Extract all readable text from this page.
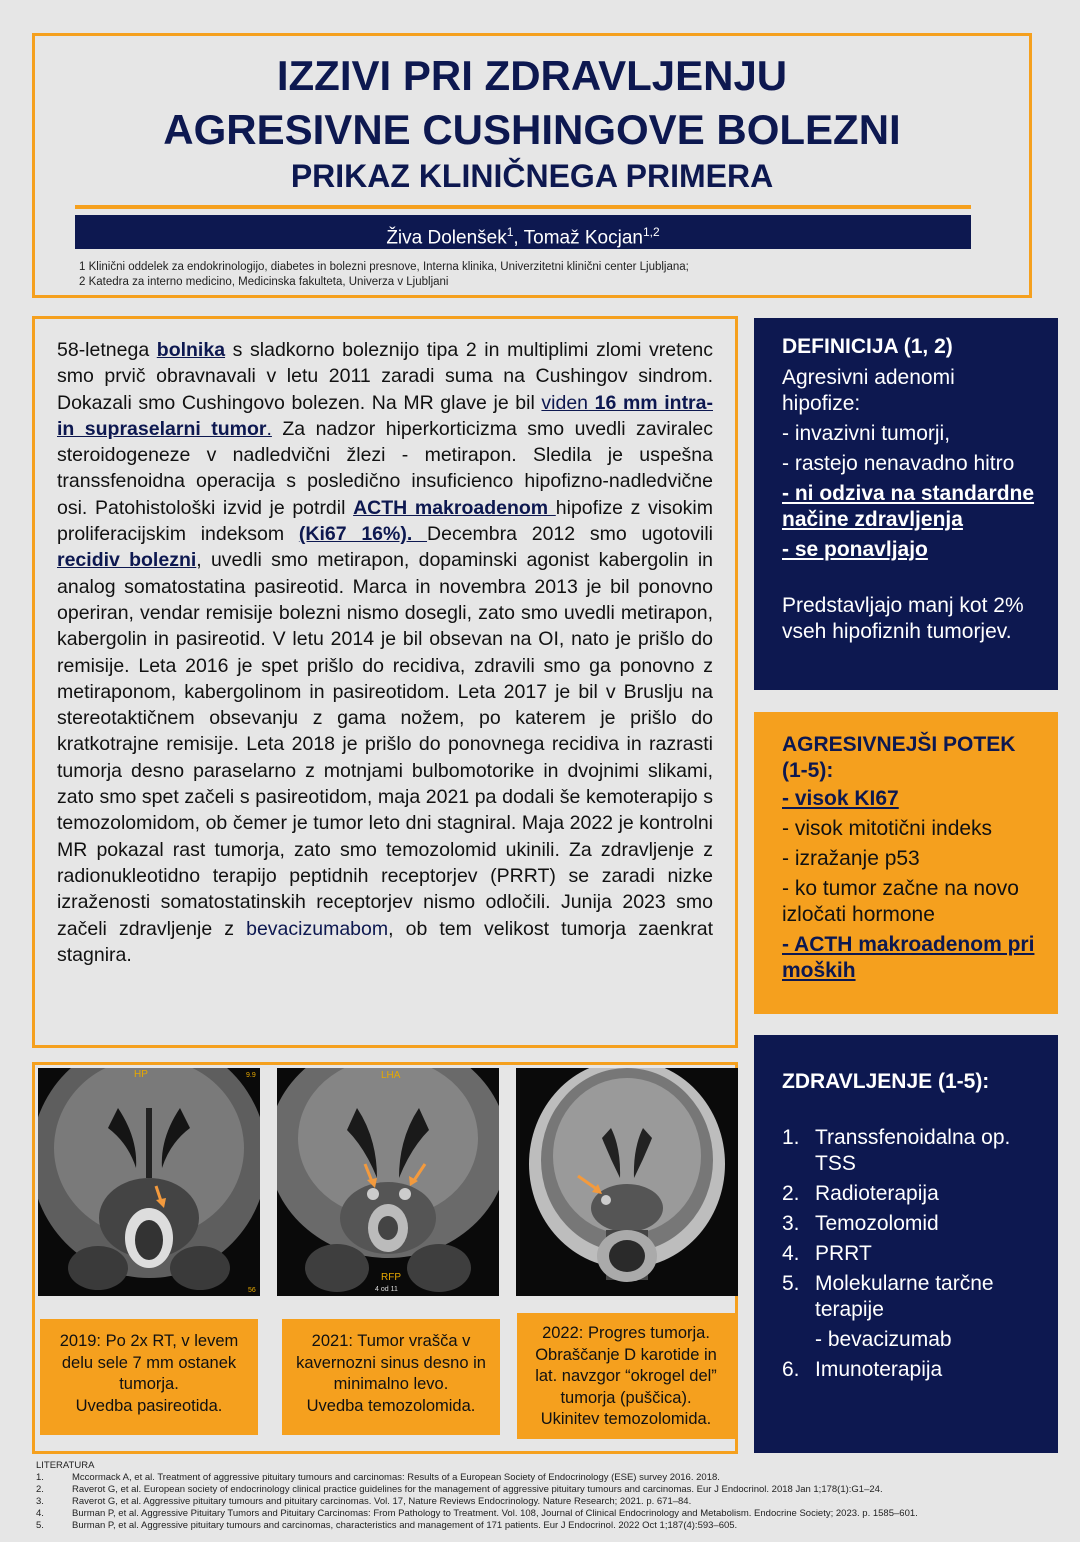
IZZIVI PRI ZDRAVLJENJU
AGRESIVNE CUSHINGOVE BOLEZNI
PRIKAZ KLINIČNEGA PRIMERA
Živa Dolenšek$^1$, Tomaž Kocjan$^{1,2}$
1 Klinični oddelek za endokrinologijo, diabetes in bolezni presnove, Interna klinika, Univerzitetni klinični center Ljubljana;
2 Katedra za interno medicino, Medicinska fakulteta, Univerza v Ljubljani
58-letnega bolnika s sladkorno boleznijo tipa 2 in multiplimi zlomi vretenc smo prvič obravnavali v letu 2011 zaradi suma na Cushingov sindrom. Dokazali smo Cushingovo bolezen. Na MR glave je bil viden 16 mm intra- in supraselarni tumor. Za nadzor hiperkorticizma smo uvedli zaviralec steroidogeneze v nadledvični žlezi - metirapon. Sledila je uspešna transsfenoidna operacija s posledično insuficienco hipofizno-nadledvične osi. Patohistološki izvid je potrdil ACTH makroadenom hipofize z visokim proliferacijskim indeksom (Ki67 16%). Decembra 2012 smo ugotovili recidiv bolezni, uvedli smo metirapon, dopaminski agonist kabergolin in analog somatostatina pasireotid. Marca in novembra 2013 je bil ponovno operiran, vendar remisije bolezni nismo dosegli, zato smo uvedli metirapon, kabergolin in pasireotid. V letu 2014 je bil obsevan na OI, nato je prišlo do remisije. Leta 2016 je spet prišlo do recidiva, zdravili smo ga ponovno z metiraponom, kabergolinom in pasireotidom. Leta 2017 je bil v Bruslju na stereotaktičnem obsevanju z gama nožem, po katerem je prišlo do kratkotrajne remisije. Leta 2018 je prišlo do ponovnega recidiva in razrasti tumorja desno paraselarno z motnjami bulbomotorike in dvojnimi slikami, zato smo spet začeli s pasireotidom, maja 2021 pa dodali še kemoterapijo s temozolomidom, ob čemer je tumor leto dni stagniral. Maja 2022 je kontrolni MR pokazal rast tumorja, zato smo temozolomid ukinili. Za zdravljenje z radionukleotidno terapijo peptidnih receptorjev (PRRT) se zaradi nizke izraženosti somatostatinskih receptorjev nismo odločili. Junija 2023 smo začeli zdravljenje z bevacizumabom, ob tem velikost tumorja zaenkrat stagnira.
DEFINICIJA (1, 2)
Agresivni adenomi hipofize:
- invazivni tumorji,
- rastejo nenavadno hitro
- ni odziva na standardne načine zdravljenja
- se ponavljajo
Predstavljajo manj kot 2% vseh hipofiznih tumorjev.
AGRESIVNEJŠI POTEK (1-5):
- visok KI67
- visok mitotični indeks
- izražanje p53
- ko tumor začne na novo izločati hormone
- ACTH makroadenom pri moških
ZDRAVLJENJE (1-5):
1. Transsfenoidalna op. TSS
2. Radioterapija
3. Temozolomid
4. PRRT
5. Molekularne tarčne terapije
- bevacizumab
6. Imunoterapija
HP	9.9
56
LHA
RFP
4 od 11
2019: Po 2x RT, v levem
delu sele 7 mm ostanek
tumorja.
Uvedba pasireotida.
2021: Tumor vrašča v
kavernozni sinus desno in
minimalno levo.
Uvedba temozolomida.
2022: Progres tumorja.
Obraščanje D karotide in
lat. navzgor “okrogel del”
tumorja (puščica).
Ukinitev temozolomida.
LITERATURA
1.	Mccormack A, et al. Treatment of aggressive pituitary tumours and carcinomas: Results of a European Society of Endocrinology (ESE) survey 2016. 2018.
2.	Raverot G, et al. European society of endocrinology clinical practice guidelines for the management of aggressive pituitary tumours and carcinomas. Eur J Endocrinol. 2018 Jan 1;178(1):G1–24.
3.	Raverot G, et al. Aggressive pituitary tumours and pituitary carcinomas. Vol. 17, Nature Reviews Endocrinology. Nature Research; 2021. p. 671–84.
4.	Burman P, et al. Aggressive Pituitary Tumors and Pituitary Carcinomas: From Pathology to Treatment. Vol. 108, Journal of Clinical Endocrinology and Metabolism. Endocrine Society; 2023. p. 1585–601.
5.	Burman P, et al. Aggressive pituitary tumours and carcinomas, characteristics and management of 171 patients. Eur J Endocrinol. 2022 Oct 1;187(4):593–605.
